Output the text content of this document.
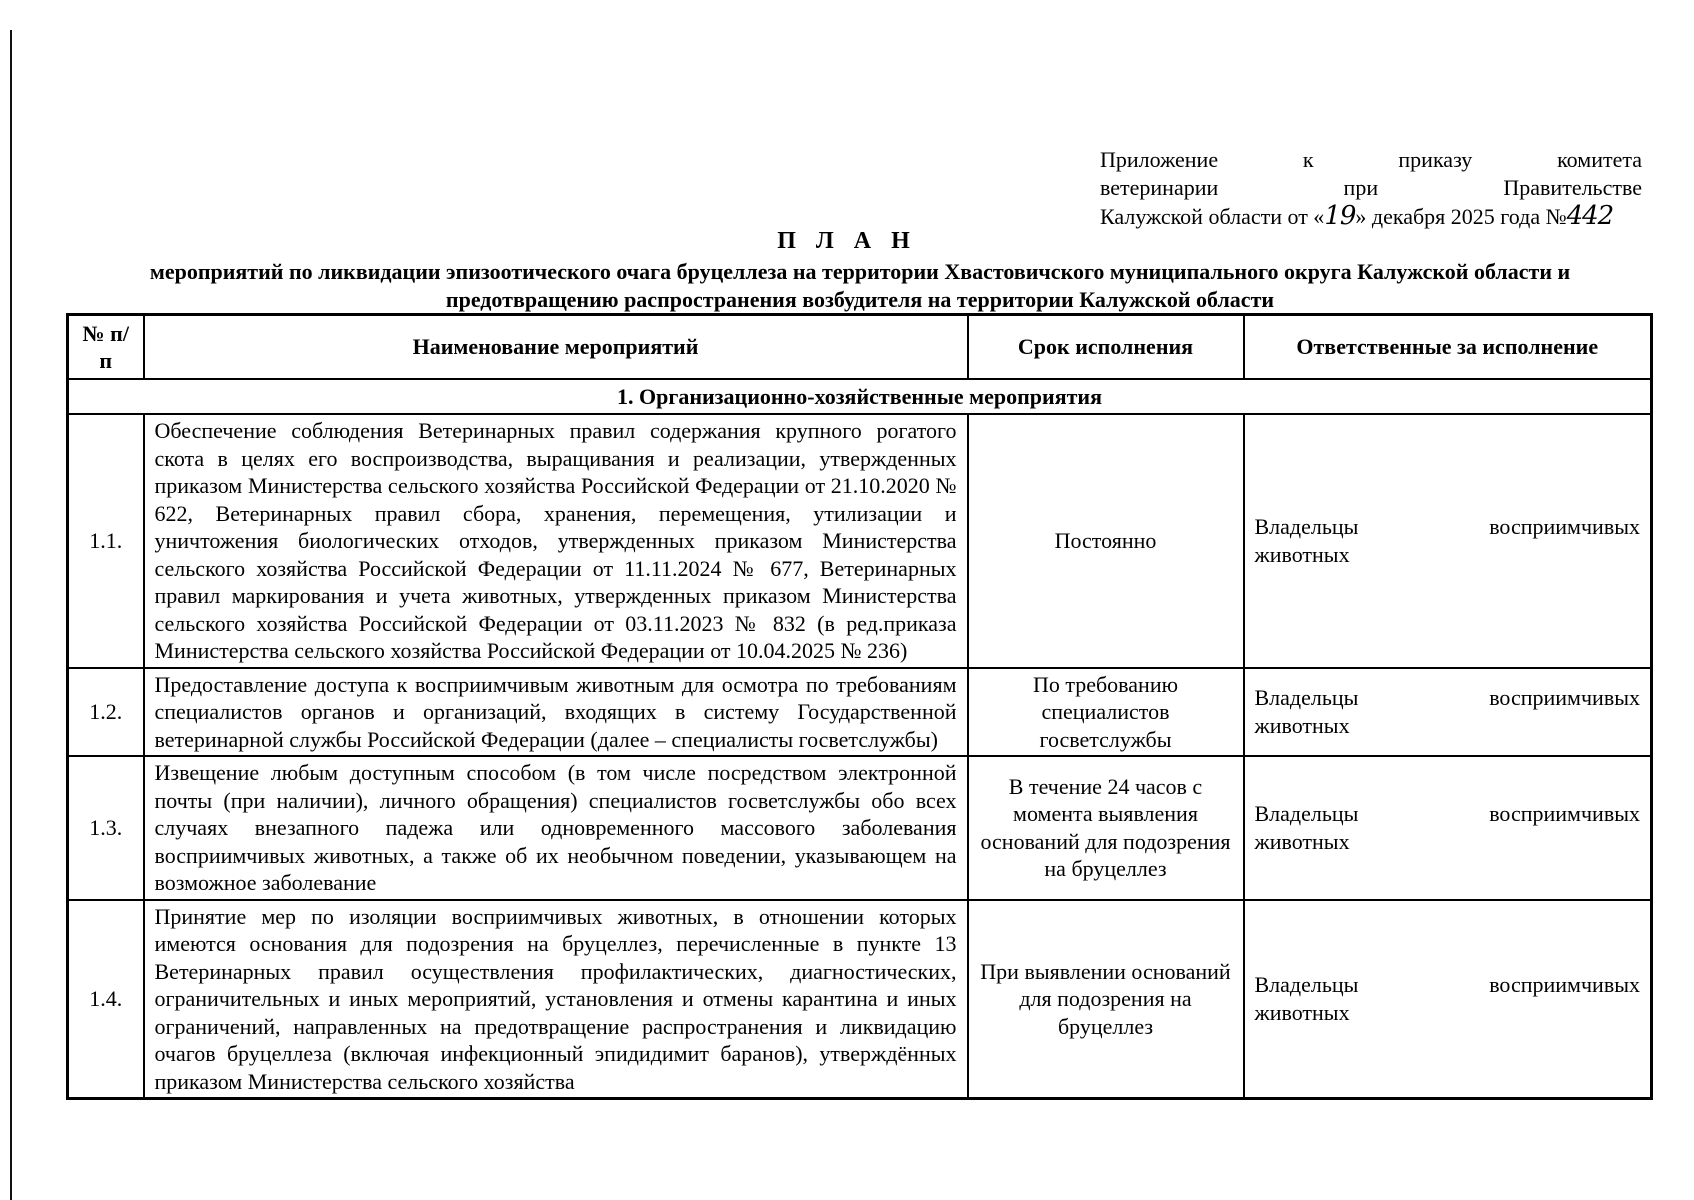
Приложение к приказу комитета
ветеринарии при Правительстве
Калужской области от «19» декабря 2025 года №442
П Л А Н
мероприятий по ликвидации эпизоотического очага бруцеллеза на территории Хвастовичского муниципального округа Калужской области и предотвращению распространения возбудителя на территории Калужской области
№ п/п	Наименование мероприятий	Срок исполнения	Ответственные за исполнение
1. Организационно-хозяйственные мероприятия			
1.1.	Обеспечение соблюдения Ветеринарных правил содержания крупного рогатого скота в целях его воспроизводства, выращивания и реализации, утвержденных приказом Министерства сельского хозяйства Российской Федерации от 21.10.2020 № 622, Ветеринарных правил сбора, хранения, перемещения, утилизации и уничтожения биологических отходов, утвержденных приказом Министерства сельского хозяйства Российской Федерации от 11.11.2024 № 677, Ветеринарных правил маркирования и учета животных, утвержденных приказом Министерства сельского хозяйства Российской Федерации от 03.11.2023 № 832 (в ред.приказа Министерства сельского хозяйства Российской Федерации от 10.04.2025 № 236)	Постоянно	Владельцы восприимчивых
животных

1.2.	Предоставление доступа к восприимчивым животным для осмотра по требованиям специалистов органов и организаций, входящих в систему Государственной ветеринарной службы Российской Федерации (далее – специалисты госветслужбы)	По требованию специалистов госветслужбы	Владельцы восприимчивых
животных

1.3.	Извещение любым доступным способом (в том числе посредством электронной почты (при наличии), личного обращения) специалистов госветслужбы обо всех случаях внезапного падежа или одновременного массового заболевания восприимчивых животных, а также об их необычном поведении, указывающем на возможное заболевание	В течение 24 часов с момента выявления оснований для подозрения на бруцеллез	Владельцы восприимчивых
животных

1.4.	Принятие мер по изоляции восприимчивых животных, в отношении которых имеются основания для подозрения на бруцеллез, перечисленные в пункте 13 Ветеринарных правил осуществления профилактических, диагностических, ограничительных и иных мероприятий, установления и отмены карантина и иных ограничений, направленных на предотвращение распространения и ликвидацию очагов бруцеллеза (включая инфекционный эпидидимит баранов), утверждённых приказом Министерства сельского хозяйства	При выявлении оснований для подозрения на бруцеллез	Владельцы восприимчивых
животных
